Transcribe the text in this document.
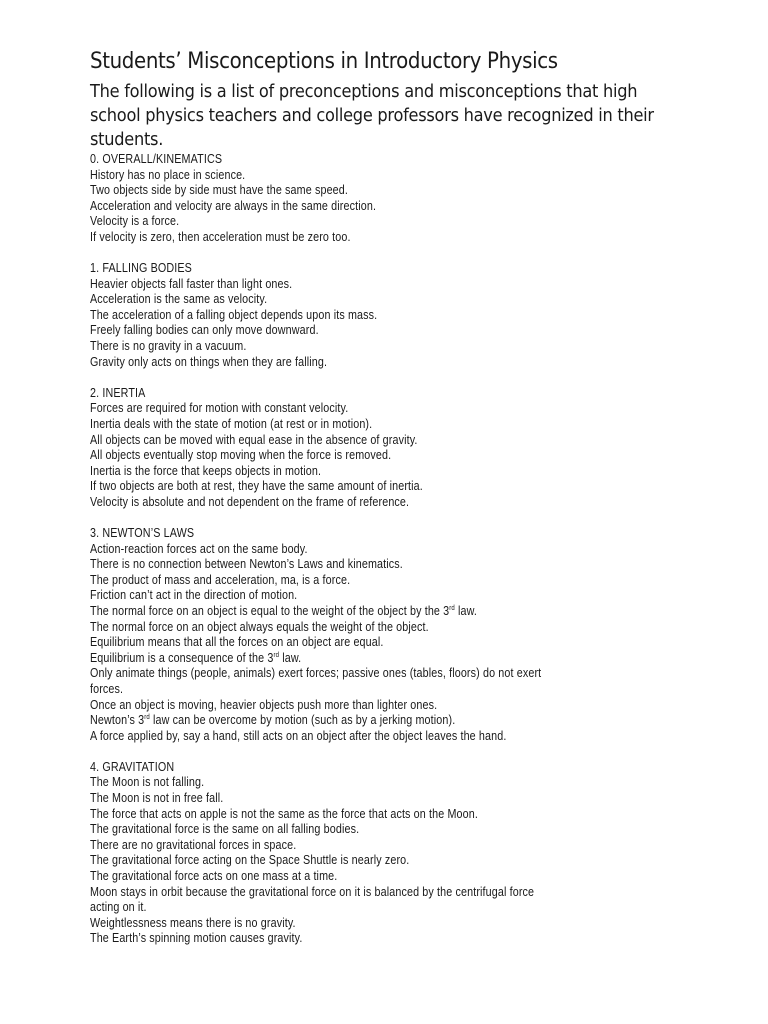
Students’ Misconceptions in Introductory Physics
The following is a list of preconceptions and misconceptions that high school physics teachers and college professors have recognized in their students.
0. OVERALL/KINEMATICS
History has no place in science.
Two objects side by side must have the same speed.
Acceleration and velocity are always in the same direction.
Velocity is a force.
If velocity is zero, then acceleration must be zero too.
1. FALLING BODIES
Heavier objects fall faster than light ones.
Acceleration is the same as velocity.
The acceleration of a falling object depends upon its mass.
Freely falling bodies can only move downward.
There is no gravity in a vacuum.
Gravity only acts on things when they are falling.
2. INERTIA
Forces are required for motion with constant velocity.
Inertia deals with the state of motion (at rest or in motion).
All objects can be moved with equal ease in the absence of gravity.
All objects eventually stop moving when the force is removed.
Inertia is the force that keeps objects in motion.
If two objects are both at rest, they have the same amount of inertia.
Velocity is absolute and not dependent on the frame of reference.
3. NEWTON’S LAWS
Action-reaction forces act on the same body.
There is no connection between Newton’s Laws and kinematics.
The product of mass and acceleration, ma, is a force.
Friction can’t act in the direction of motion.
The normal force on an object is equal to the weight of the object by the 3rd law.
The normal force on an object always equals the weight of the object.
Equilibrium means that all the forces on an object are equal.
Equilibrium is a consequence of the 3rd law.
Only animate things (people, animals) exert forces; passive ones (tables, floors) do not exert
forces.
Once an object is moving, heavier objects push more than lighter ones.
Newton’s 3rd law can be overcome by motion (such as by a jerking motion).
A force applied by, say a hand, still acts on an object after the object leaves the hand.
4. GRAVITATION
The Moon is not falling.
The Moon is not in free fall.
The force that acts on apple is not the same as the force that acts on the Moon.
The gravitational force is the same on all falling bodies.
There are no gravitational forces in space.
The gravitational force acting on the Space Shuttle is nearly zero.
The gravitational force acts on one mass at a time.
Moon stays in orbit because the gravitational force on it is balanced by the centrifugal force
acting on it.
Weightlessness means there is no gravity.
The Earth’s spinning motion causes gravity.
